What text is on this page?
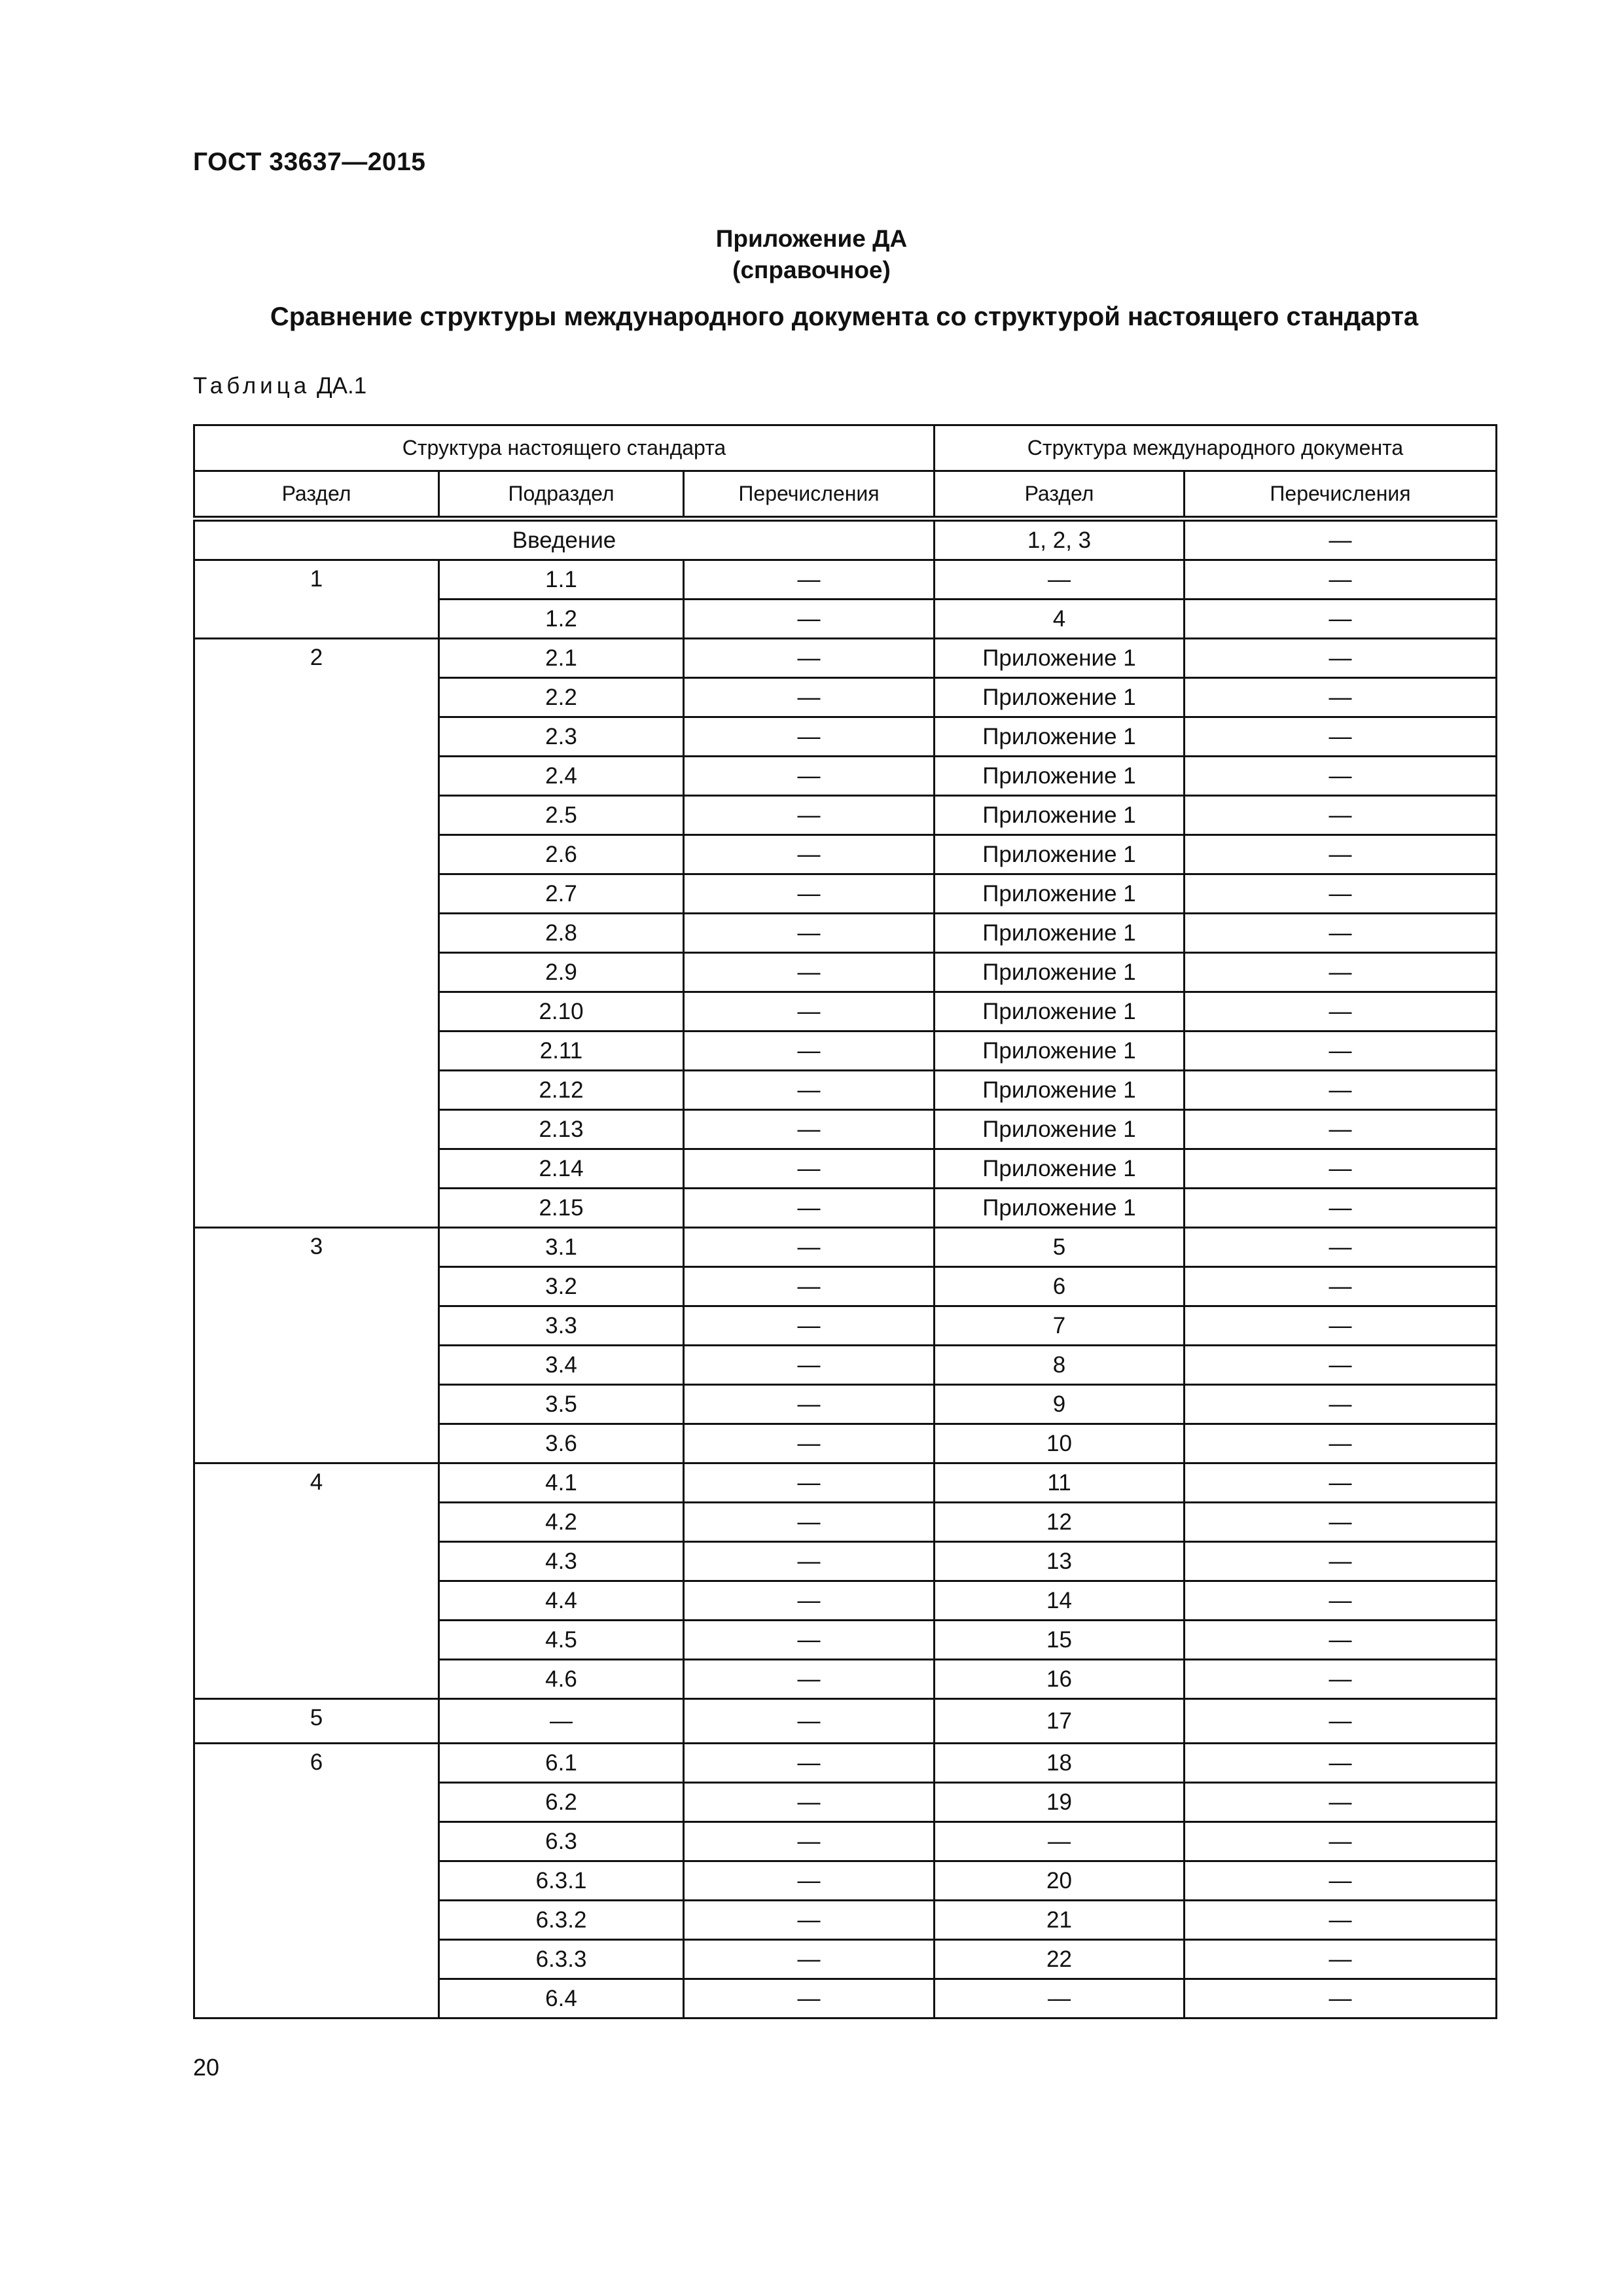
ГОСТ 33637—2015
Приложение ДА
(справочное)
Сравнение структуры международного документа со структурой настоящего стандарта
Таблица ДА.1
Структура настоящего стандарта			Структура международного документа	
Раздел	Подраздел	Перечисления	Раздел	Перечисления
Введение			1, 2, 3	—
1	1.1	—	—	—
	1.2	—	4	—
2	2.1	—	Приложение 1	—
	2.2	—	Приложение 1	—
	2.3	—	Приложение 1	—
	2.4	—	Приложение 1	—
	2.5	—	Приложение 1	—
	2.6	—	Приложение 1	—
	2.7	—	Приложение 1	—
	2.8	—	Приложение 1	—
	2.9	—	Приложение 1	—
	2.10	—	Приложение 1	—
	2.11	—	Приложение 1	—
	2.12	—	Приложение 1	—
	2.13	—	Приложение 1	—
	2.14	—	Приложение 1	—
	2.15	—	Приложение 1	—
3	3.1	—	5	—
	3.2	—	6	—
	3.3	—	7	—
	3.4	—	8	—
	3.5	—	9	—
	3.6	—	10	—
4	4.1	—	11	—
	4.2	—	12	—
	4.3	—	13	—
	4.4	—	14	—
	4.5	—	15	—
	4.6	—	16	—
5	—	—	17	—
6	6.1	—	18	—
	6.2	—	19	—
	6.3	—	—	—
	6.3.1	—	20	—
	6.3.2	—	21	—
	6.3.3	—	22	—
	6.4	—	—	—
20
